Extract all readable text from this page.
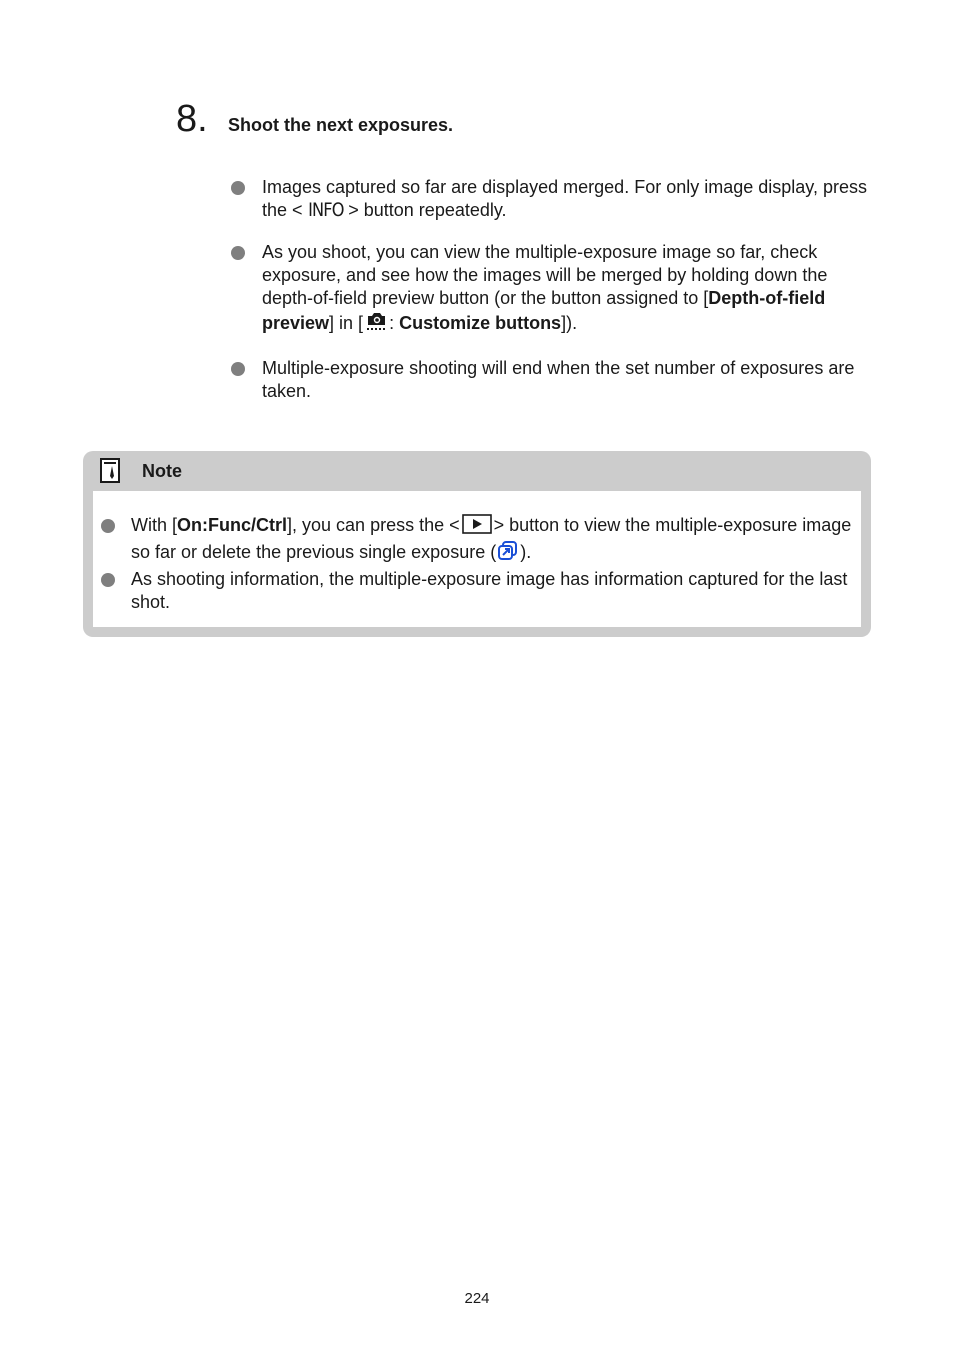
8.	Shoot the next exposures.
Images captured so far are displayed merged. For only image display, press the < INFO > button repeatedly.
As you shoot, you can view the multiple-exposure image so far, check exposure, and see how the images will be merged by holding down the depth-of-field preview button (or the button assigned to [Depth-of-field preview] in [ : Customize buttons]).
Multiple-exposure shooting will end when the set number of exposures are taken.
Note
With [On:Func/Ctrl], you can press the < > button to view the multiple-exposure image so far or delete the previous single exposure ( ).
As shooting information, the multiple-exposure image has information captured for the last shot.
224
